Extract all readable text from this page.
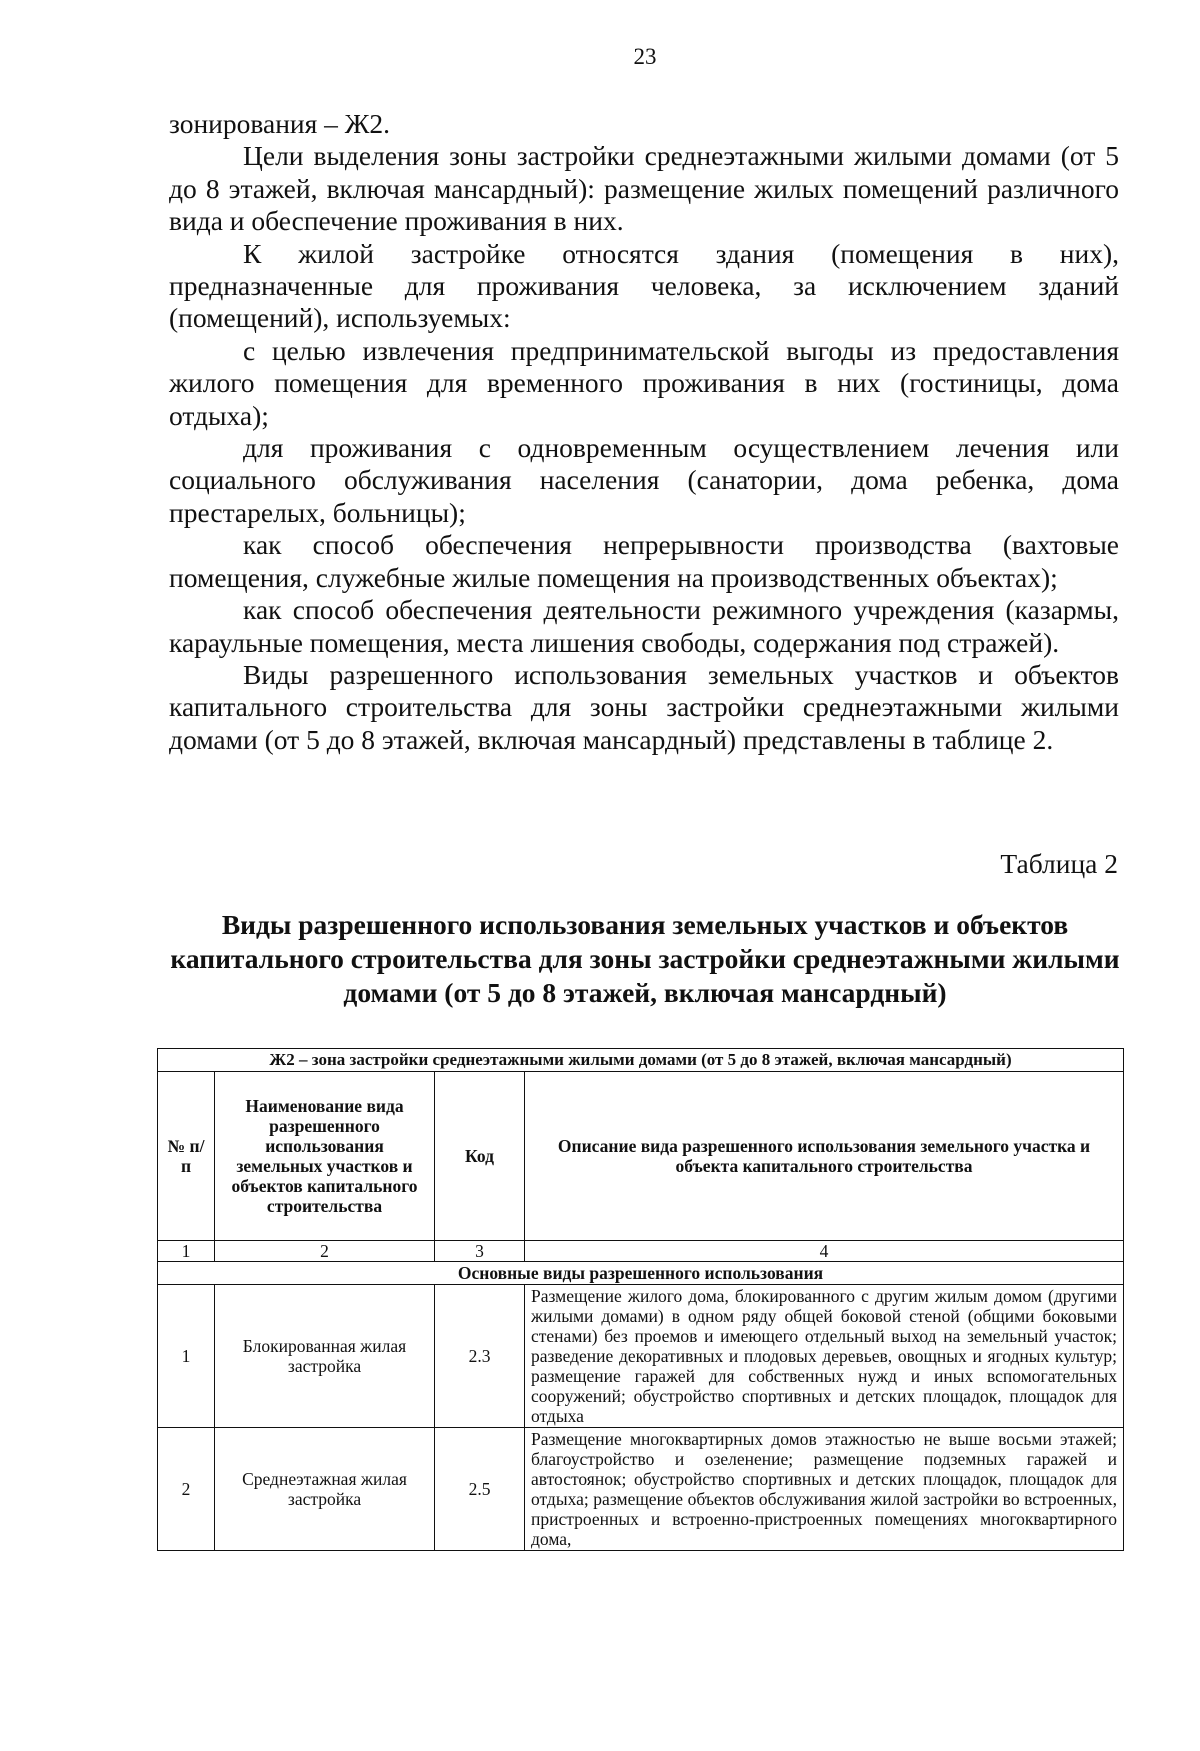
23

зонирования – Ж2.

Цели выделения зоны застройки среднеэтажными жилыми домами (от 5 до 8 этажей, включая мансардный): размещение жилых помещений различного вида и обеспечение проживания в них.

К жилой застройке относятся здания (помещения в них), предназначенные для проживания человека, за исключением зданий (помещений), используемых:

с целью извлечения предпринимательской выгоды из предоставления жилого помещения для временного проживания в них (гостиницы, дома отдыха);

для проживания с одновременным осуществлением лечения или социального обслуживания населения (санатории, дома ребенка, дома престарелых, больницы);

как способ обеспечения непрерывности производства (вахтовые помещения, служебные жилые помещения на производственных объектах);

как способ обеспечения деятельности режимного учреждения (казармы, караульные помещения, места лишения свободы, содержания под стражей).

Виды разрешенного использования земельных участков и объектов капитального строительства для зоны застройки среднеэтажными жилыми домами (от 5 до 8 этажей, включая мансардный) представлены в таблице 2.

Таблица 2
Виды разрешенного использования земельных участков и объектов капитального строительства для зоны застройки среднеэтажными жилыми домами (от 5 до 8 этажей, включая мансардный)
Ж2 – зона застройки среднеэтажными жилыми домами (от 5 до 8 этажей, включая мансардный)			
№ п/п	Наименование вида разрешенного использования земельных участков и объектов капитального строительства	Код	Описание вида разрешенного использования земельного участка и объекта капитального строительства
1	2	3	4
Основные виды разрешенного использования			
1	Блокированная жилая застройка	2.3	Размещение жилого дома, блокированного с другим жилым домом (другими жилыми домами) в одном ряду общей боковой стеной (общими боковыми стенами) без проемов и имеющего отдельный выход на земельный участок; разведение декоративных и плодовых деревьев, овощных и ягодных культур; размещение гаражей для собственных нужд и иных вспомогательных сооружений; обустройство спортивных и детских площадок, площадок для отдыха
2	Среднеэтажная жилая застройка	2.5	Размещение многоквартирных домов этажностью не выше восьми этажей; благоустройство и озеленение; размещение подземных гаражей и автостоянок; обустройство спортивных и детских площадок, площадок для отдыха; размещение объектов обслуживания жилой застройки во встроенных, пристроенных и встроенно-пристроенных помещениях многоквартирного дома,
